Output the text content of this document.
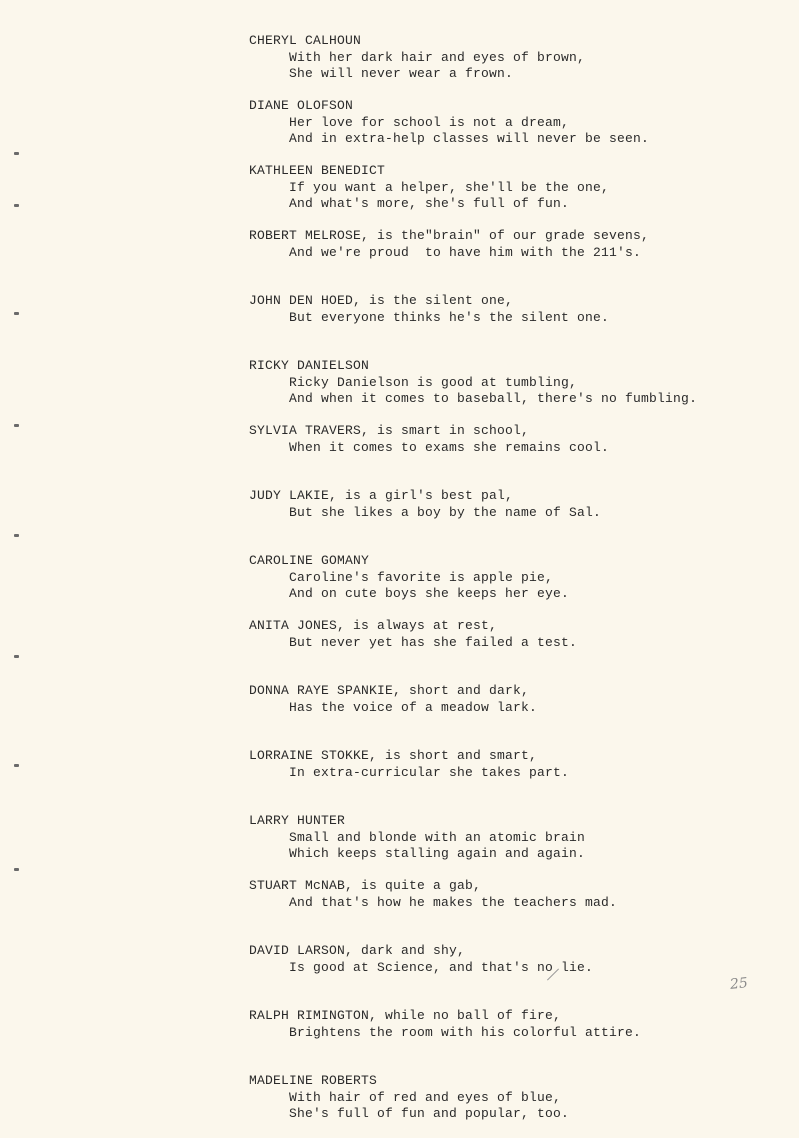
CHERYL CALHOUN
With her dark hair and eyes of brown,
She will never wear a frown.
DIANE OLOFSON
Her love for school is not a dream,
And in extra-help classes will never be seen.
KATHLEEN BENEDICT
If you want a helper, she'll be the one,
And what's more, she's full of fun.
ROBERT MELROSE, is the"brain" of our grade sevens,
And we're proud  to have him with the 211's.
JOHN DEN HOED, is the silent one,
But everyone thinks he's the silent one.
RICKY DANIELSON
Ricky Danielson is good at tumbling,
And when it comes to baseball, there's no fumbling.
SYLVIA TRAVERS, is smart in school,
When it comes to exams she remains cool.
JUDY LAKIE, is a girl's best pal,
But she likes a boy by the name of Sal.
CAROLINE GOMANY
Caroline's favorite is apple pie,
And on cute boys she keeps her eye.
ANITA JONES, is always at rest,
But never yet has she failed a test.
DONNA RAYE SPANKIE, short and dark,
Has the voice of a meadow lark.
LORRAINE STOKKE, is short and smart,
In extra-curricular she takes part.
LARRY HUNTER
Small and blonde with an atomic brain
Which keeps stalling again and again.
STUART McNAB, is quite a gab,
And that's how he makes the teachers mad.
DAVID LARSON, dark and shy,
Is good at Science, and that's no lie.
RALPH RIMINGTON, while no ball of fire,
Brightens the room with his colorful attire.
MADELINE ROBERTS
With hair of red and eyes of blue,
She's full of fun and popular, too.
25
